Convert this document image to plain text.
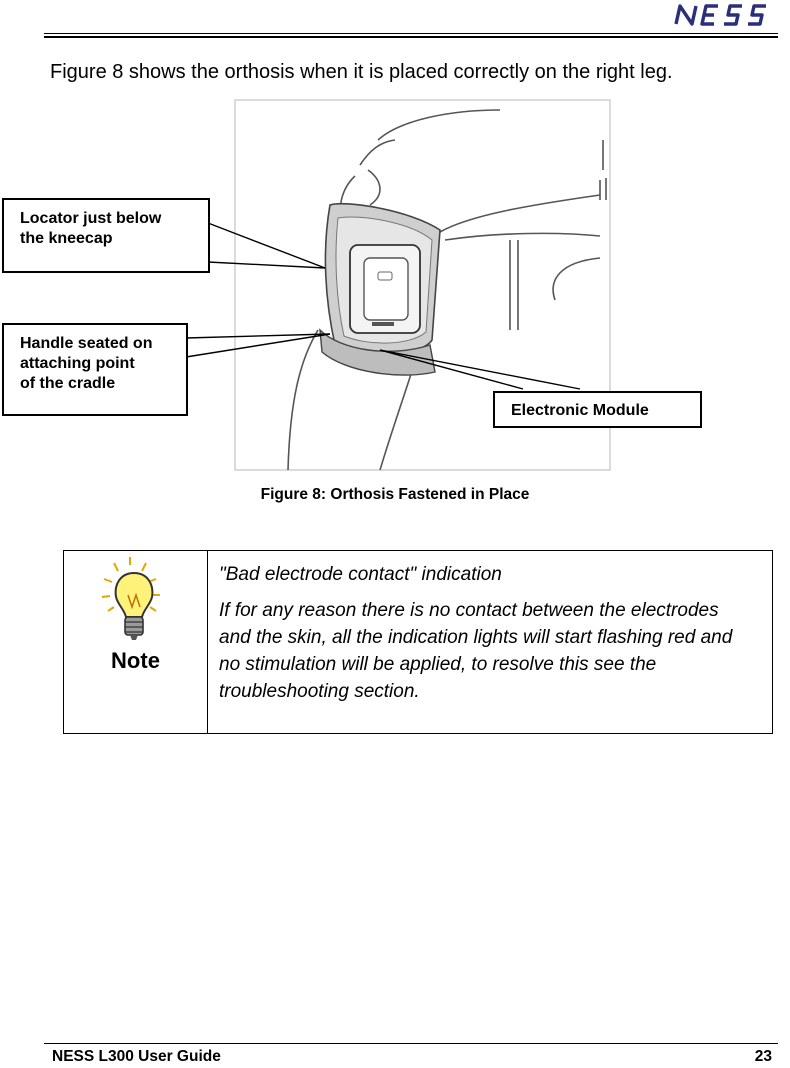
Figure 8 shows the orthosis when it is placed correctly on the right leg.
Locator just below
the kneecap
Handle seated on
attaching point
of the cradle
Electronic Module
Figure 8: Orthosis Fastened in Place
Note

"Bad electrode contact" indication

If for any reason there is no contact between the electrodes and the skin, all the indication lights will start flashing red and no stimulation will be applied, to resolve this see the troubleshooting section.

NESS L300 User Guide	23
